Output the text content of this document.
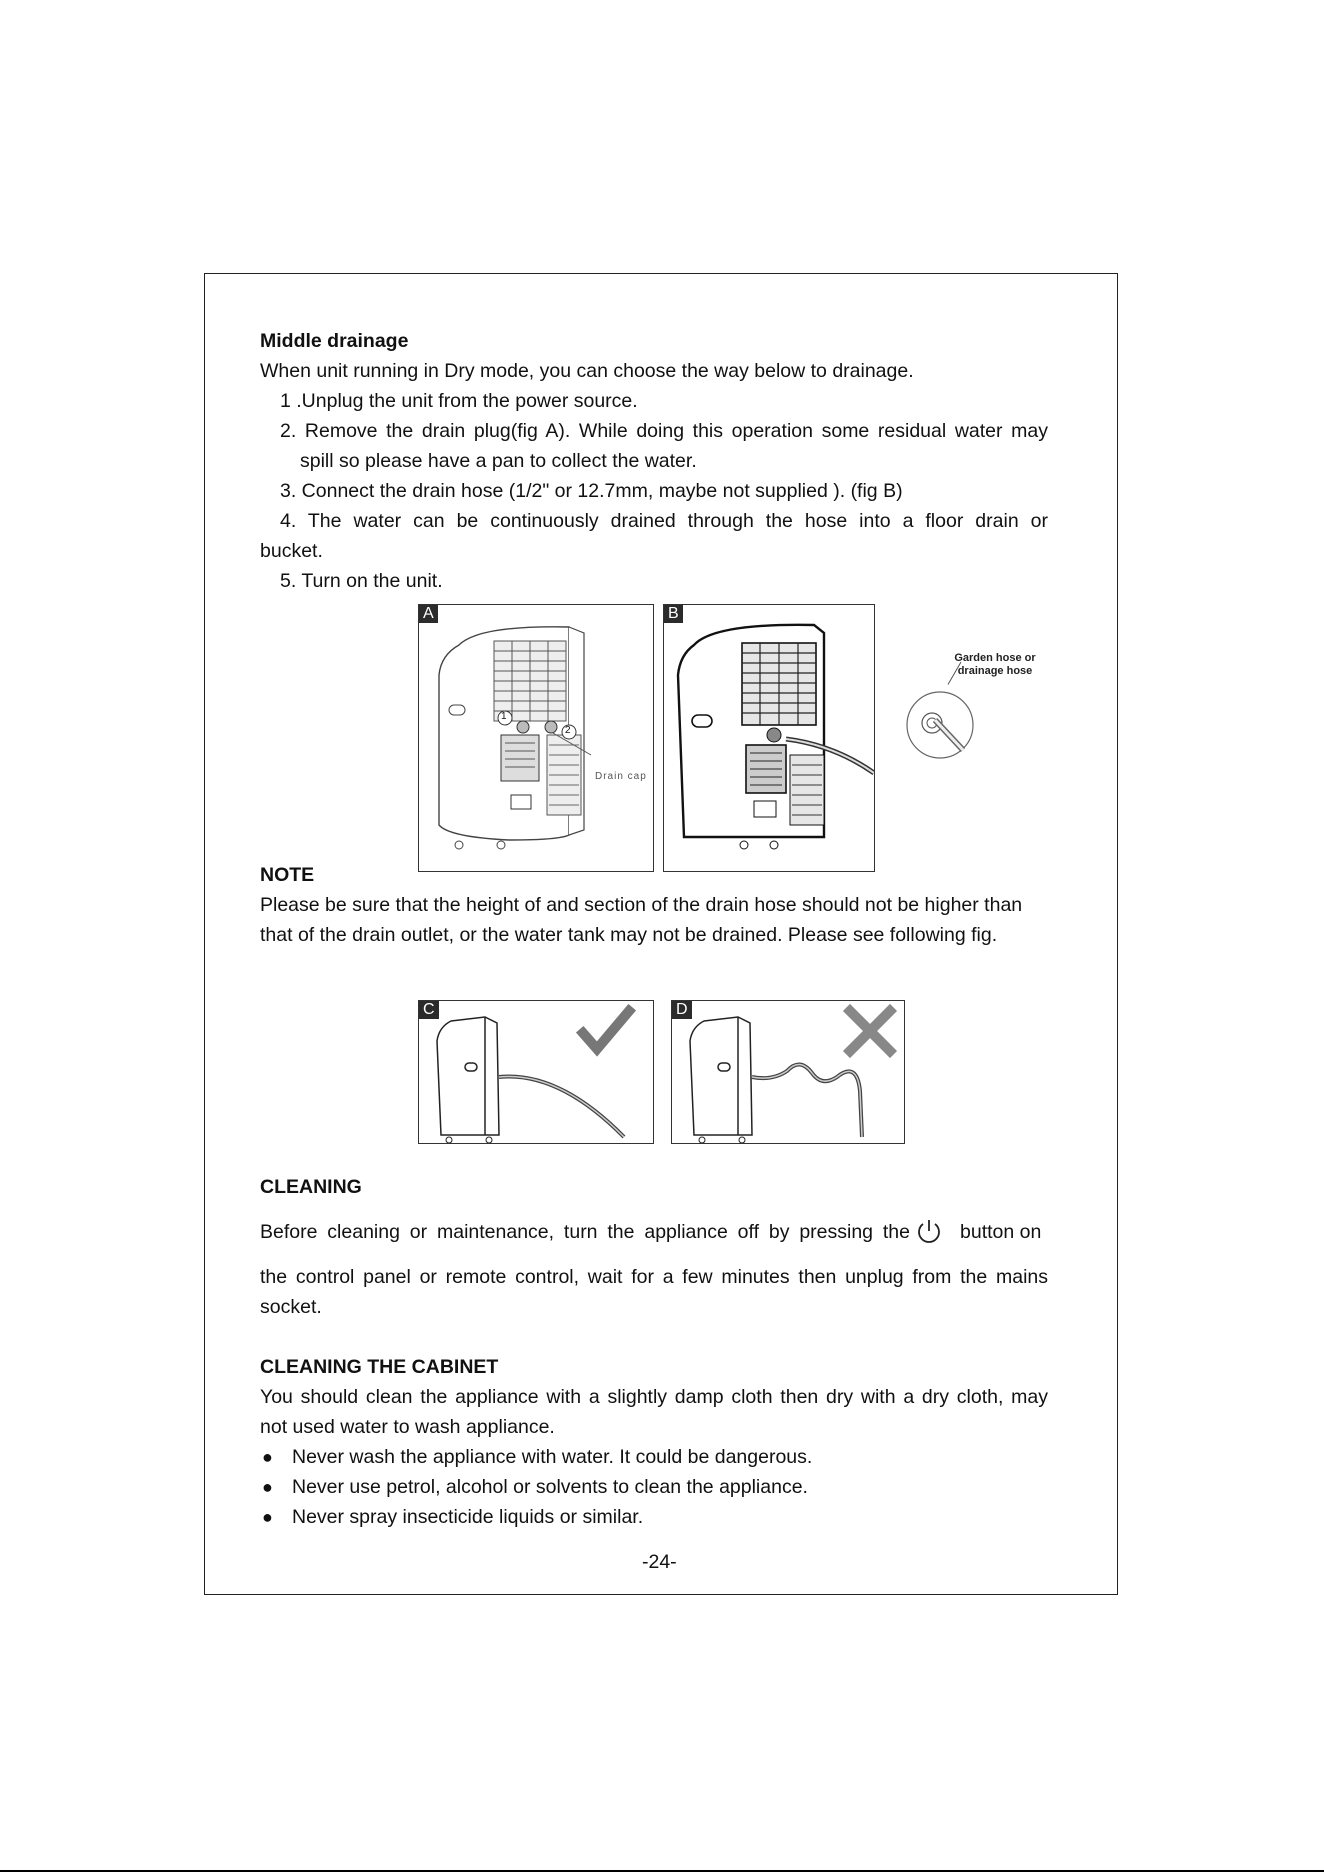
Middle drainage
When unit running in Dry mode, you can choose the way below to drainage.
1 .Unplug the unit from the power source.
2. Remove the drain plug(fig A). While doing this operation some residual water may
spill so please have a pan to collect the water.
3. Connect the drain hose (1/2" or 12.7mm, maybe not supplied ). (fig B)
4. The water can be continuously drained through the hose into a floor drain or
bucket.
5. Turn on the unit.
A
1
2
Drain cap
B
Garden hose or
drainage hose
NOTE
Please be sure that the height of and section of the drain hose should not be higher than
that of the drain outlet, or the water tank may not be drained. Please see following fig.
C	D
CLEANING
Before cleaning or maintenance, turn the appliance off by pressing the	button on
the control panel or remote control, wait for a few minutes then unplug from the mains
socket.
CLEANING THE CABINET
You should clean the appliance with a slightly damp cloth then dry with a dry cloth, may
not used water to wash appliance.
● Never wash the appliance with water. It could be dangerous.
● Never use petrol, alcohol or solvents to clean the appliance.
● Never spray insecticide liquids or similar.
-24-
